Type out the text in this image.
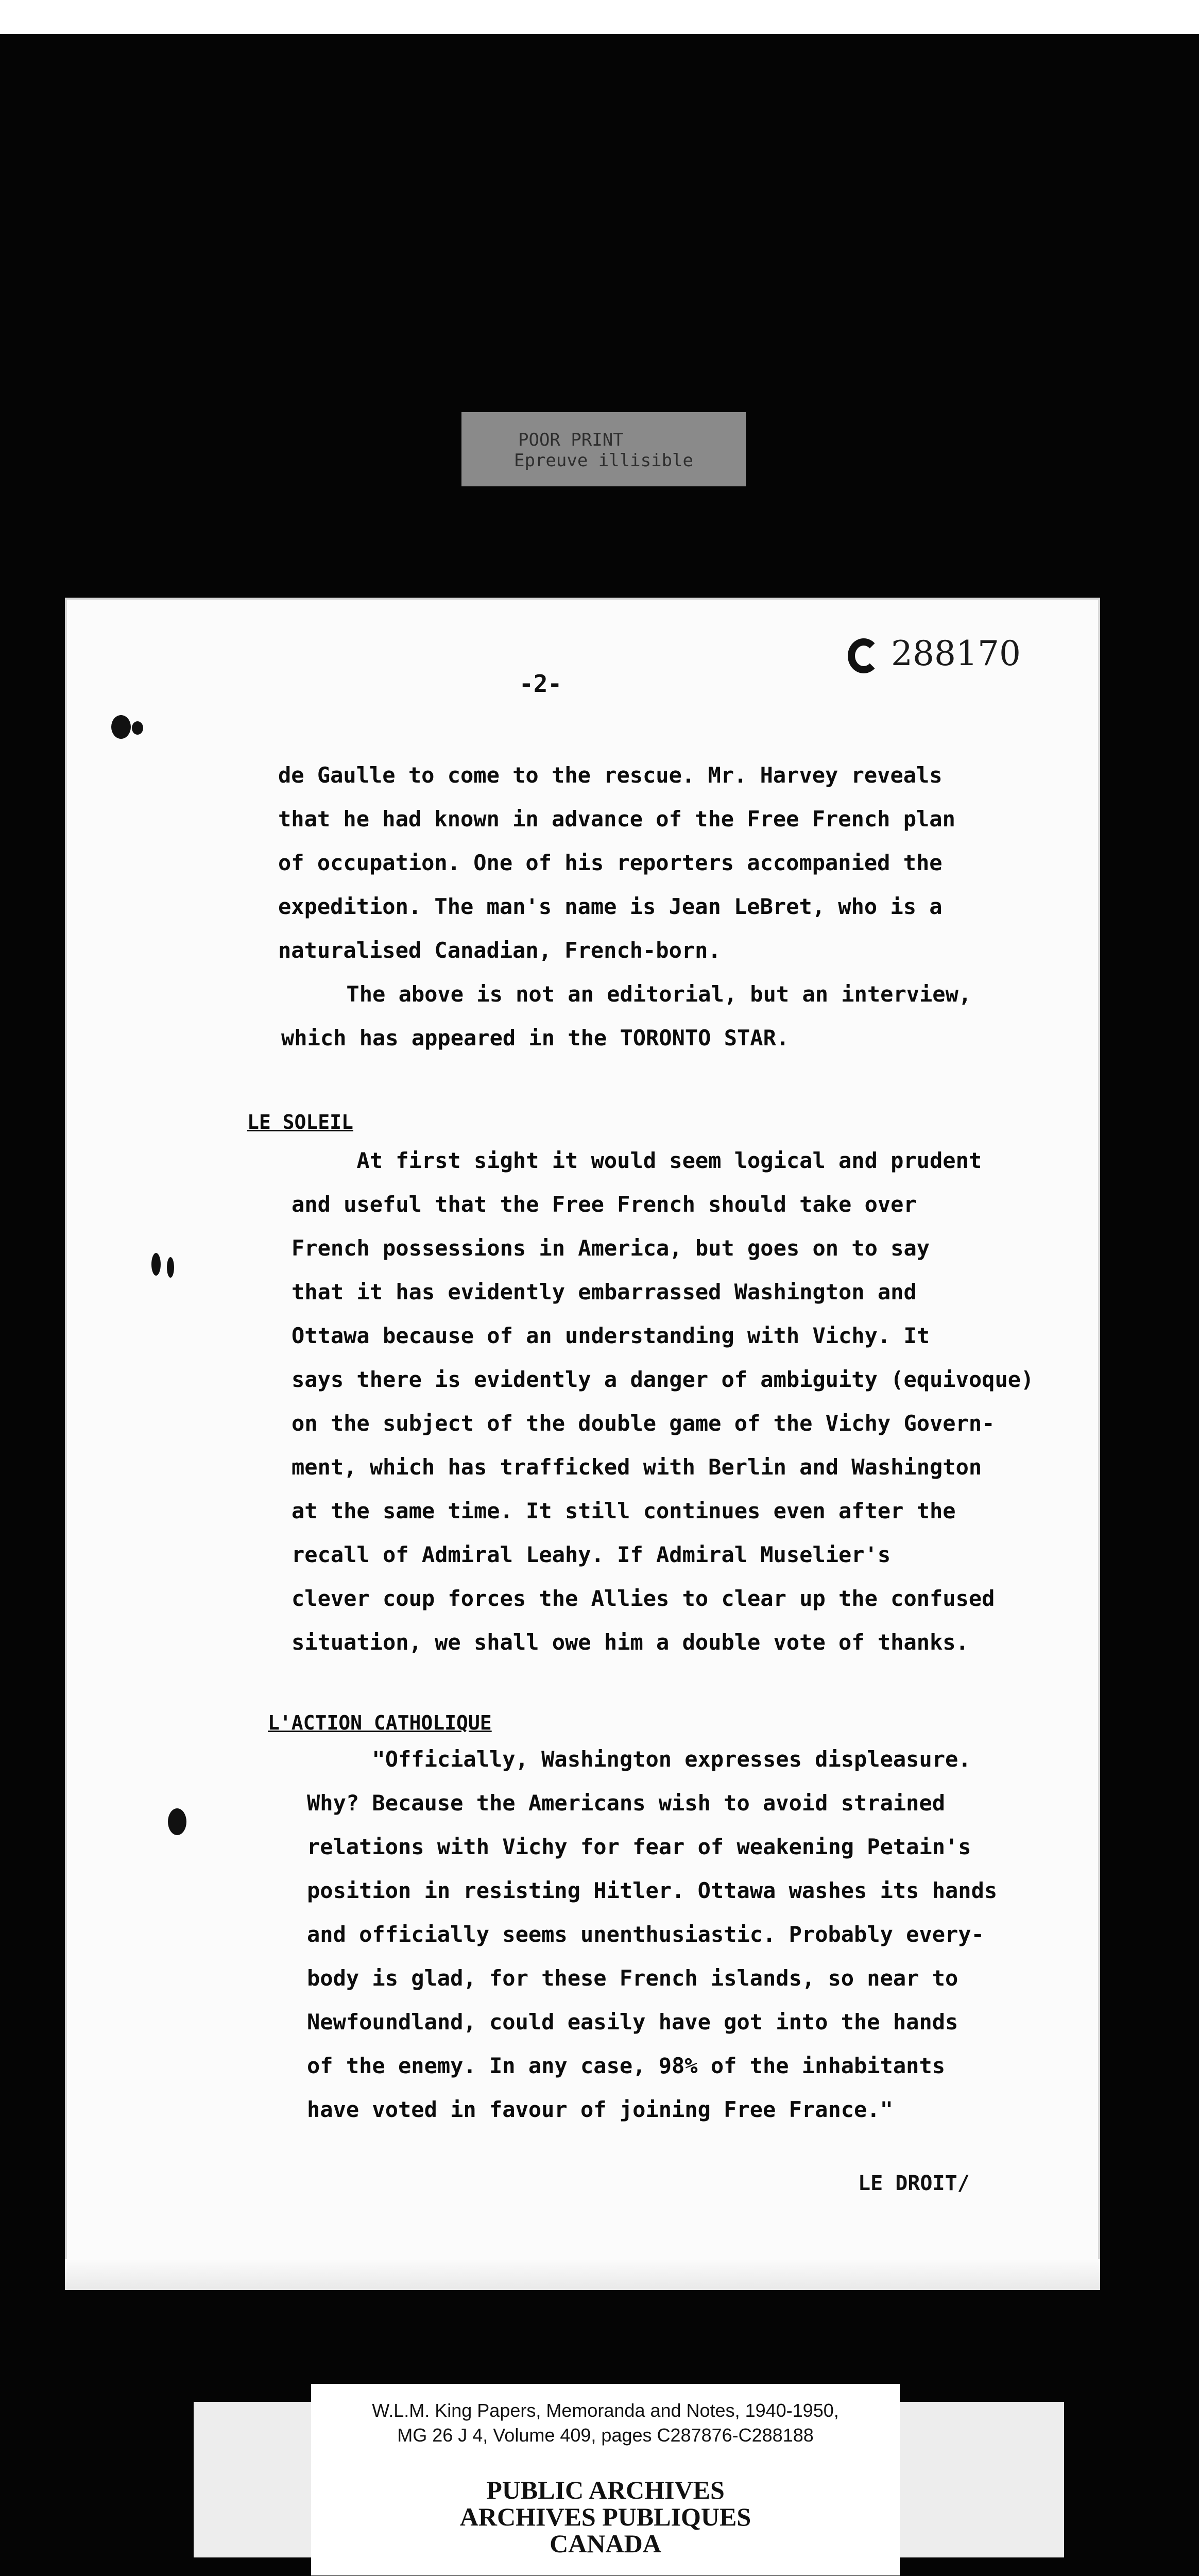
POOR PRINT
Epreuve illisible
288170
-2-
de Gaulle to come to the rescue. Mr. Harvey reveals
that he had known in advance of the Free French plan
of occupation. One of his reporters accompanied the
expedition. The man's name is Jean LeBret, who is a
naturalised Canadian, French-born.
The above is not an editorial, but an interview,
which has appeared in the TORONTO STAR.
LE SOLEIL
At first sight it would seem logical and prudent
and useful that the Free French should take over
French possessions in America, but goes on to say
that it has evidently embarrassed Washington and
Ottawa because of an understanding with Vichy. It
says there is evidently a danger of ambiguity (equivoque)
on the subject of the double game of the Vichy Govern-
ment, which has trafficked with Berlin and Washington
at the same time. It still continues even after the
recall of Admiral Leahy. If Admiral Muselier's
clever coup forces the Allies to clear up the confused
situation, we shall owe him a double vote of thanks.
L'ACTION CATHOLIQUE
"Officially, Washington expresses displeasure.
Why? Because the Americans wish to avoid strained
relations with Vichy for fear of weakening Petain's
position in resisting Hitler. Ottawa washes its hands
and officially seems unenthusiastic. Probably every-
body is glad, for these French islands, so near to
Newfoundland, could easily have got into the hands
of the enemy. In any case, 98% of the inhabitants
have voted in favour of joining Free France."
LE DROIT/
W.L.M. King Papers, Memoranda and Notes, 1940-1950,
MG 26 J 4, Volume 409, pages C287876-C288188
PUBLIC ARCHIVES
ARCHIVES PUBLIQUES
CANADA
